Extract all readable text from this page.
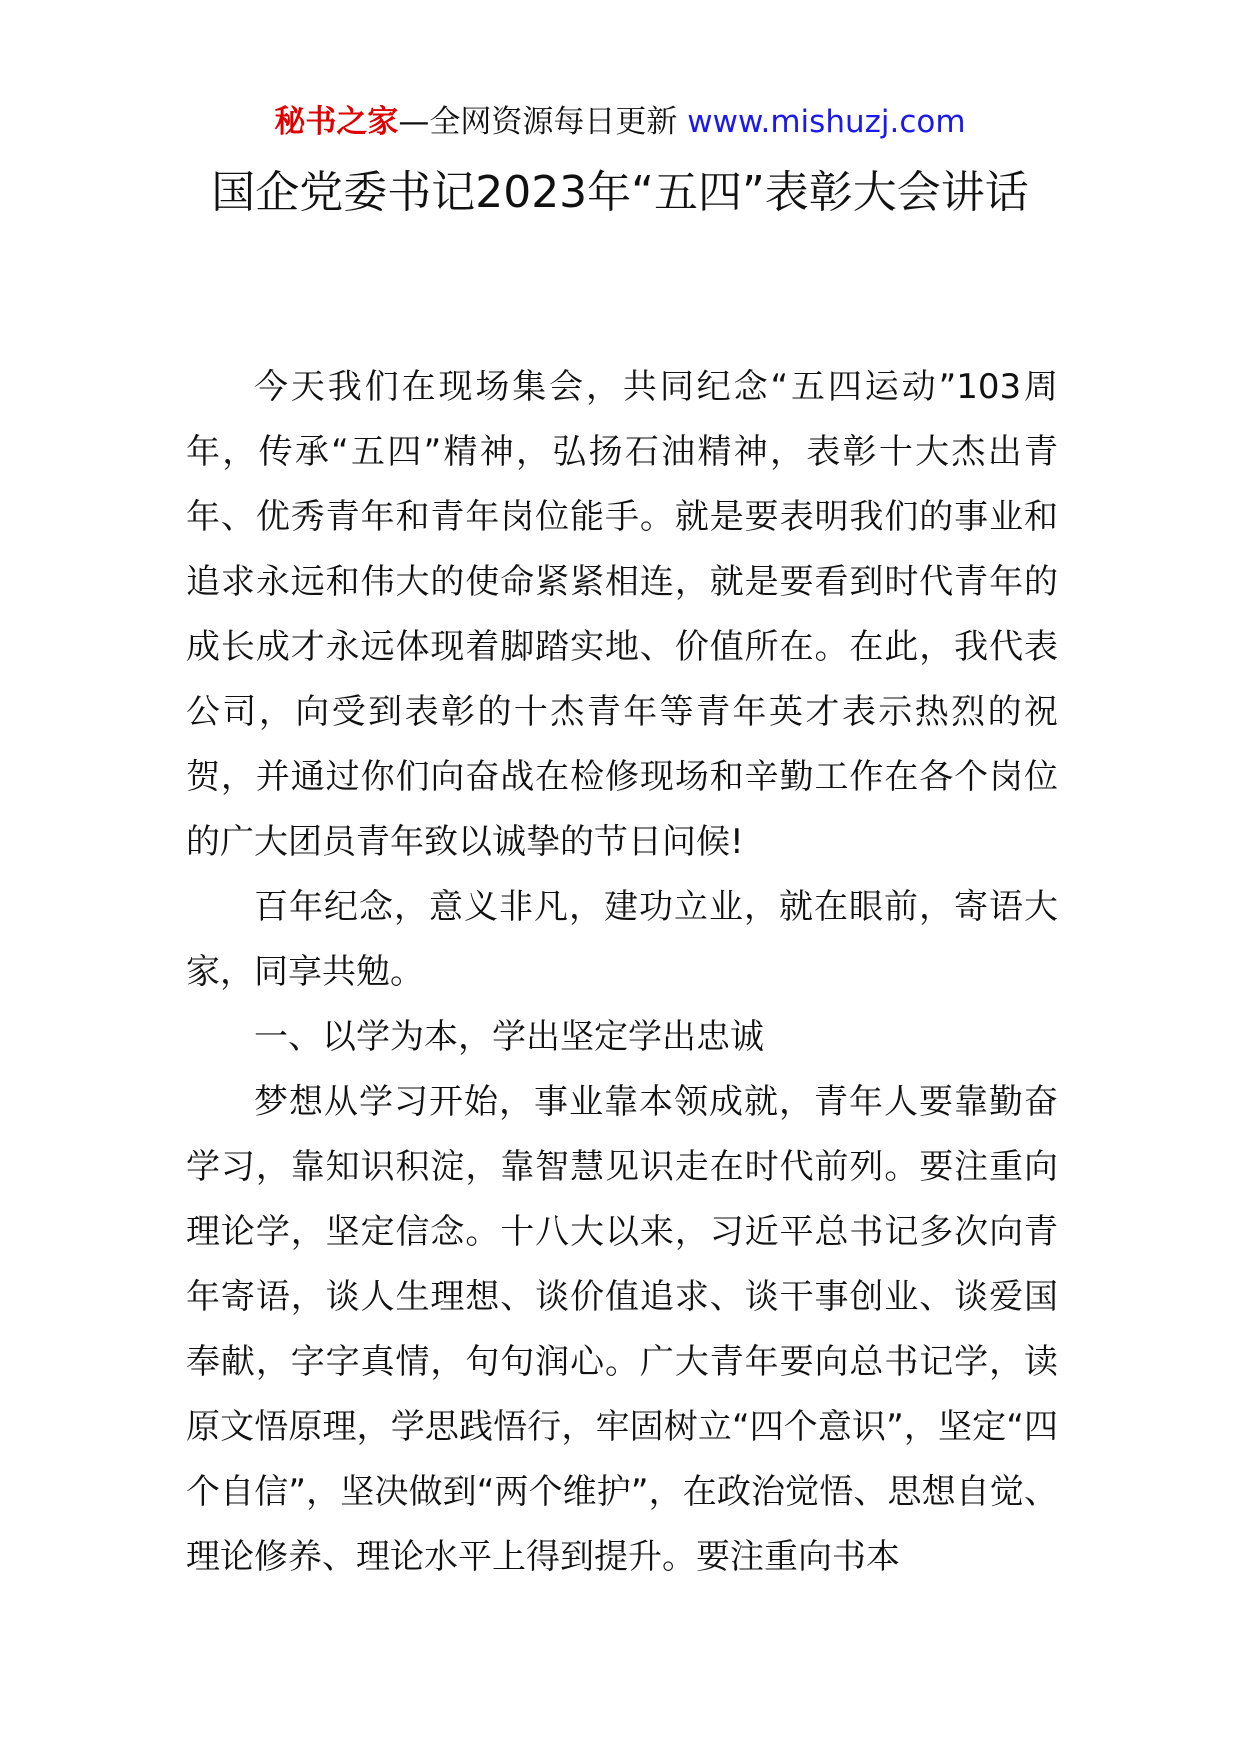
秘书之家—全网资源每日更新 www.mishuzj.com
国企党委书记2023年“五四”表彰大会讲话

今天我们在现场集会，共同纪念“五四运动”103周年，传承“五四”精神，弘扬石油精神，表彰十大杰出青年、优秀青年和青年岗位能手。就是要表明我们的事业和追求永远和伟大的使命紧紧相连，就是要看到时代青年的成长成才永远体现着脚踏实地、价值所在。在此，我代表公司，向受到表彰的十杰青年等青年英才表示热烈的祝贺，并通过你们向奋战在检修现场和辛勤工作在各个岗位的广大团员青年致以诚挚的节日问候!

百年纪念，意义非凡，建功立业，就在眼前，寄语大家，同享共勉。

一、以学为本，学出坚定学出忠诚

梦想从学习开始，事业靠本领成就，青年人要靠勤奋学习，靠知识积淀，靠智慧见识走在时代前列。要注重向理论学，坚定信念。十八大以来，习近平总书记多次向青年寄语，谈人生理想、谈价值追求、谈干事创业、谈爱国奉献，字字真情，句句润心。广大青年要向总书记学，读原文悟原理，学思践悟行，牢固树立“四个意识”，坚定“四个自信”，坚决做到“两个维护”，在政治觉悟、思想自觉、理论修养、理论水平上得到提升。要注重向书本
